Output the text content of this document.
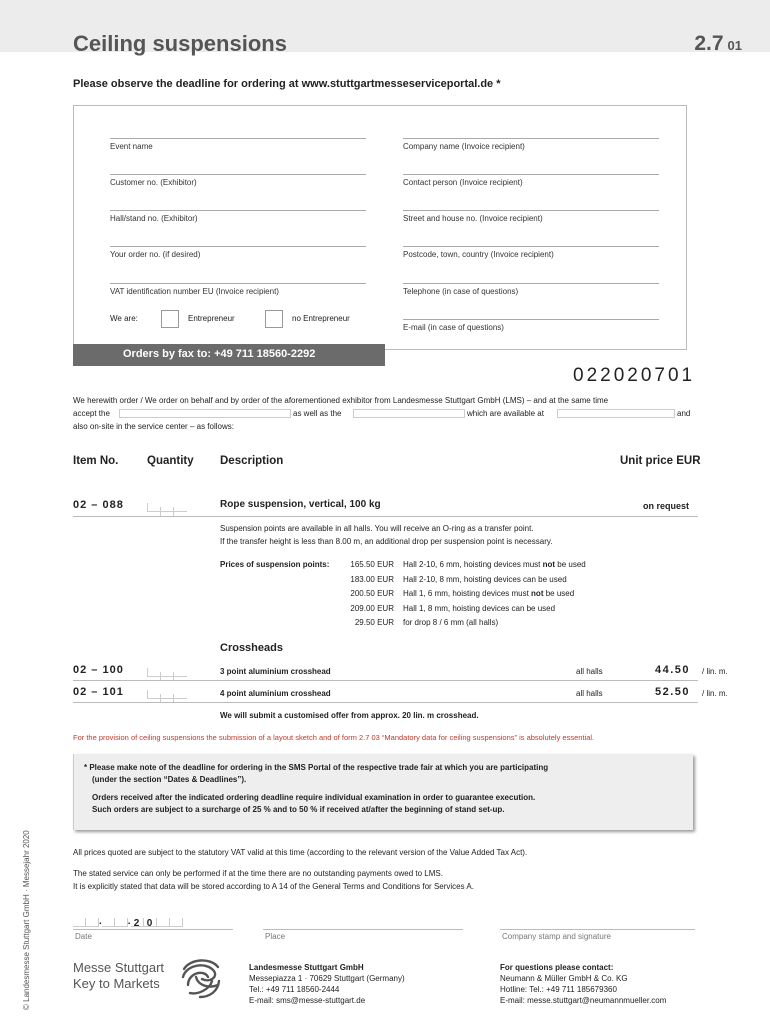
Ceiling suspensions	2.7 01
Please observe the deadline for ordering at www.stuttgartmesseserviceportal.de *
Event name
Customer no. (Exhibitor)
Hall/stand no. (Exhibitor)
Your order no. (if desired)
VAT identification number EU (Invoice recipient)
Company name (Invoice recipient)
Contact person (Invoice recipient)
Street and house no. (Invoice recipient)
Postcode, town, country (Invoice recipient)
Telephone (in case of questions)
E-mail (in case of questions)
We are:	Entrepreneur	no Entrepreneur
Orders by fax to: +49 711 18560-2292
022020701
We herewith order / We order on behalf and by order of the aforementioned exhibitor from Landesmesse Stuttgart GmbH (LMS) – and at the same time
accept the	as well as the	which are available at	and
also on-site in the service center – as follows:
Item No. Quantity Description	Unit price EUR
02 – 088	Rope suspension, vertical, 100 kg	on request
Suspension points are available in all halls. You will receive an O-ring as a transfer point.
If the transfer height is less than 8.00 m, an additional drop per suspension point is necessary.
Prices of suspension points:	165.50 EUR Hall 2-10, 6 mm, hoisting devices must not be used
183.00 EUR Hall 2-10, 8 mm, hoisting devices can be used
200.50 EUR Hall 1, 6 mm, hoisting devices must not be used
209.00 EUR Hall 1, 8 mm, hoisting devices can be used
29.50 EUR for drop 8 / 6 mm (all halls)
Crossheads
02 – 100	3 point aluminium crosshead	all halls	44.50 / lin. m.
02 – 101	4 point aluminium crosshead	all halls	52.50 / lin. m.
We will submit a customised offer from approx. 20 lin. m crosshead.
For the provision of ceiling suspensions the submission of a layout sketch and of form 2.7 03 “Mandatory data for ceiling suspensions” is absolutely essential.
* Please make note of the deadline for ordering in the SMS Portal of the respective trade fair at which you are participating
(under the section “Dates & Deadlines”).
Orders received after the indicated ordering deadline require individual examination in order to guarantee execution.
Such orders are subject to a surcharge of 25 % and to 50 % if received at/after the beginning of stand set-up.
All prices quoted are subject to the statutory VAT valid at this time (according to the relevant version of the Value Added Tax Act).
The stated service can only be performed if at the time there are no outstanding payments owed to LMS.
It is explicitly stated that data will be stored according to A 14 of the General Terms and Conditions for Services A.
.	. 2 0
Date	Place	Company stamp and signature
© Landesmesse Stuttgart GmbH · Messejahr 2020	Messe Stuttgart
Key to Markets
Landesmesse Stuttgart GmbH
Messepiazza 1 · 70629 Stuttgart (Germany)
Tel.: +49 711 18560-2444
E-mail: sms@messe-stuttgart.de
For questions please contact:
Neumann & Müller GmbH & Co. KG
Hotline: Tel.: +49 711 185679360
E-mail: messe.stuttgart@neumannmueller.com
